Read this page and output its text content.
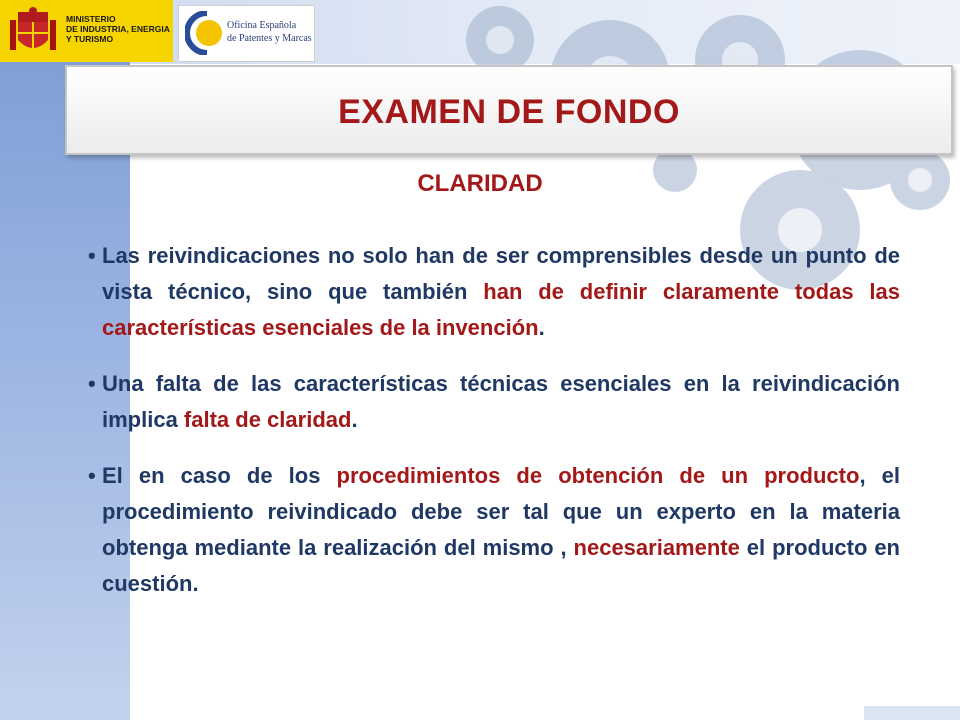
MINISTERIO
DE INDUSTRIA, ENERGIA
Y TURISMO
Oficina Española
de Patentes y Marcas
EXAMEN DE FONDO
CLARIDAD
• Las reivindicaciones no solo han de ser comprensibles desde un punto de vista técnico, sino que también han de definir claramente todas las características esenciales de la invención.
• Una falta de las características técnicas esenciales en la reivindicación implica falta de claridad.
• El en caso de los procedimientos de obtención de un producto, el procedimiento reivindicado debe ser tal que un experto en la materia obtenga mediante la realización del mismo , necesariamente el producto en cuestión.
